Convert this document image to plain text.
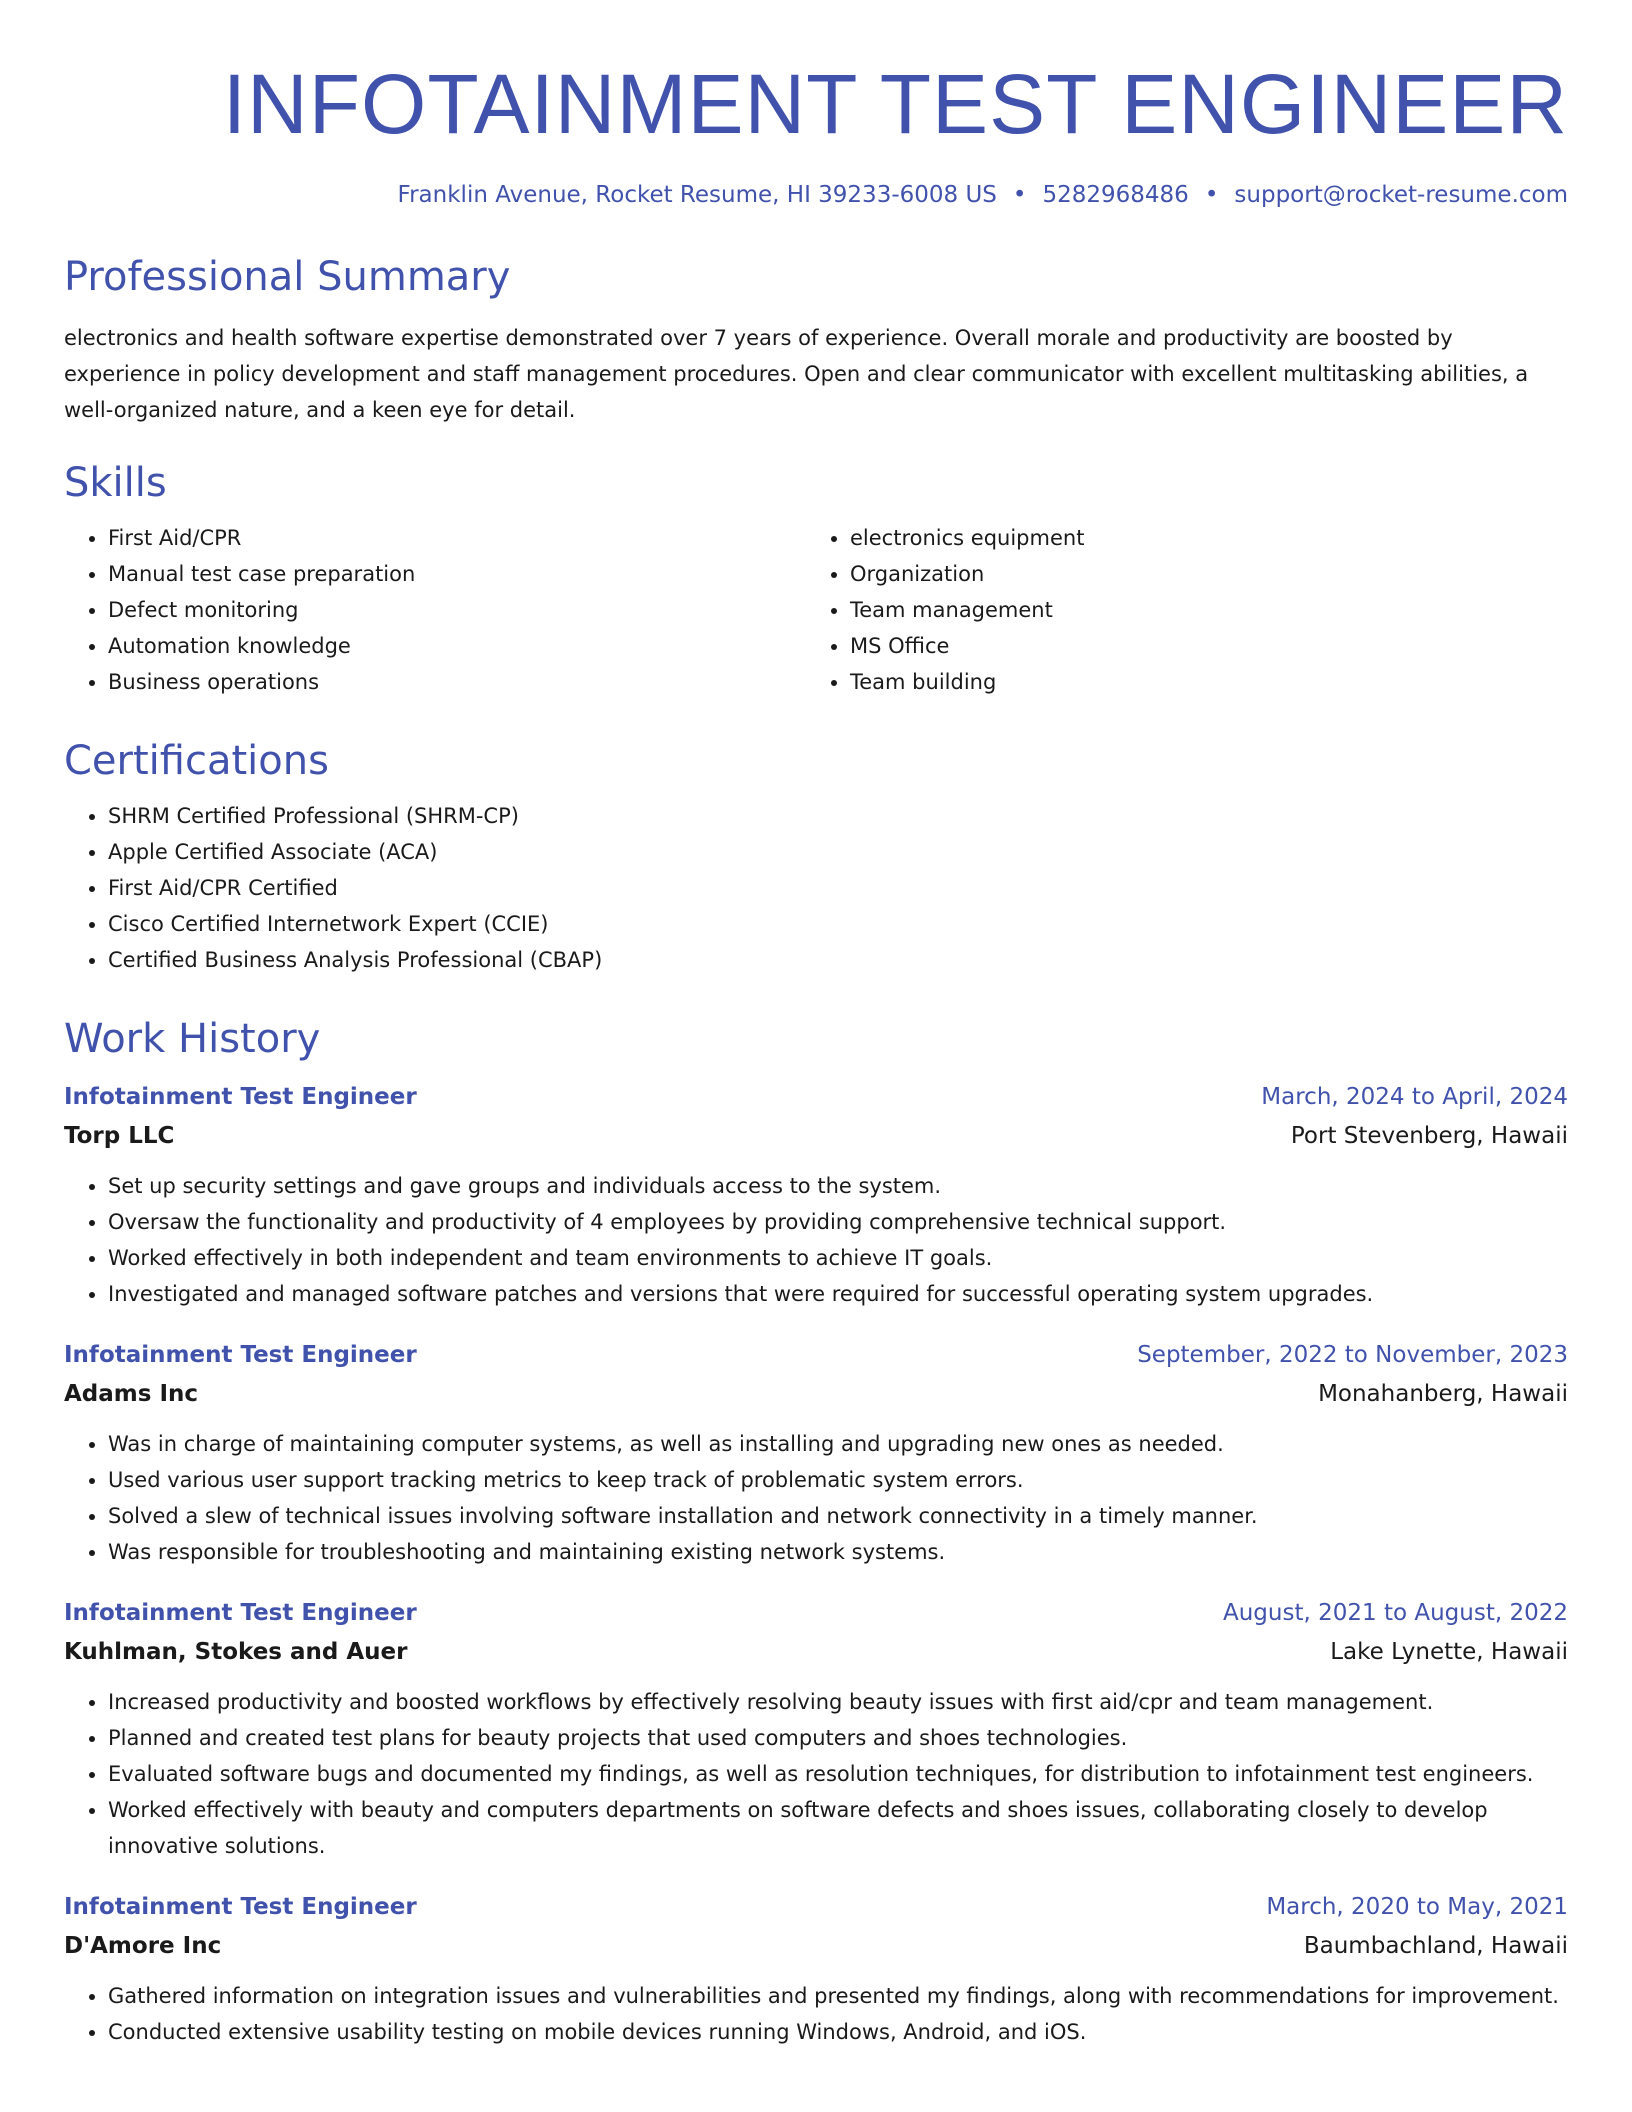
INFOTAINMENT TEST ENGINEER
Franklin Avenue, Rocket Resume, HI 39233-6008 US • 5282968486 • support@rocket-resume.com
Professional Summary
electronics and health software expertise demonstrated over 7 years of experience. Overall morale and productivity are boosted by experience in policy development and staff management procedures. Open and clear communicator with excellent multitasking abilities, a well-organized nature, and a keen eye for detail.
Skills
• First Aid/CPR
• Manual test case preparation
• Defect monitoring
• Automation knowledge
• Business operations
• electronics equipment
• Organization
• Team management
• MS Office
• Team building
Certifications
• SHRM Certified Professional (SHRM-CP)
• Apple Certified Associate (ACA)
• First Aid/CPR Certified
• Cisco Certified Internetwork Expert (CCIE)
• Certified Business Analysis Professional (CBAP)
Work History
Infotainment Test Engineer	March, 2024 to April, 2024
Torp LLC	Port Stevenberg, Hawaii
• Set up security settings and gave groups and individuals access to the system.
• Oversaw the functionality and productivity of 4 employees by providing comprehensive technical support.
• Worked effectively in both independent and team environments to achieve IT goals.
• Investigated and managed software patches and versions that were required for successful operating system upgrades.
Infotainment Test Engineer	September, 2022 to November, 2023
Adams Inc	Monahanberg, Hawaii
• Was in charge of maintaining computer systems, as well as installing and upgrading new ones as needed.
• Used various user support tracking metrics to keep track of problematic system errors.
• Solved a slew of technical issues involving software installation and network connectivity in a timely manner.
• Was responsible for troubleshooting and maintaining existing network systems.
Infotainment Test Engineer	August, 2021 to August, 2022
Kuhlman, Stokes and Auer	Lake Lynette, Hawaii
• Increased productivity and boosted workflows by effectively resolving beauty issues with first aid/cpr and team management.
• Planned and created test plans for beauty projects that used computers and shoes technologies.
• Evaluated software bugs and documented my findings, as well as resolution techniques, for distribution to infotainment test engineers.
• Worked effectively with beauty and computers departments on software defects and shoes issues, collaborating closely to develop innovative solutions.
Infotainment Test Engineer	March, 2020 to May, 2021
D'Amore Inc	Baumbachland, Hawaii
• Gathered information on integration issues and vulnerabilities and presented my findings, along with recommendations for improvement.
• Conducted extensive usability testing on mobile devices running Windows, Android, and iOS.
